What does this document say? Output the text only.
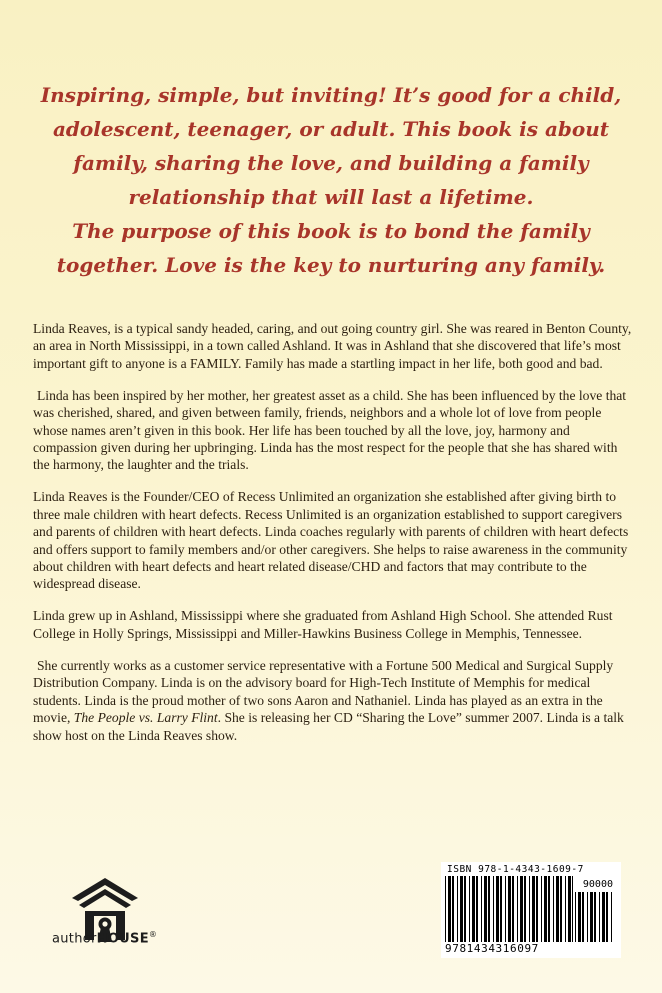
Inspiring, simple, but inviting! It’s good for a child, adolescent, teenager, or adult. This book is about family, sharing the love, and building a family relationship that will last a lifetime.

The purpose of this book is to bond the family together. Love is the key to nurturing any family.

Linda Reaves, is a typical sandy headed, caring, and out going country girl. She was reared in Benton County, an area in North Mississippi, in a town called Ashland. It was in Ashland that she discovered that life’s most important gift to anyone is a FAMILY. Family has made a startling impact in her life, both good and bad.

Linda has been inspired by her mother, her greatest asset as a child. She has been influenced by the love that was cherished, shared, and given between family, friends, neighbors and a whole lot of love from people whose names aren’t given in this book. Her life has been touched by all the love, joy, harmony and compassion given during her upbringing. Linda has the most respect for the people that she has shared with the harmony, the laughter and the trials.

Linda Reaves is the Founder/CEO of Recess Unlimited an organization she established after giving birth to three male children with heart defects. Recess Unlimited is an organization established to support caregivers and parents of children with heart defects. Linda coaches regularly with parents of children with heart defects and offers support to family members and/or other caregivers. She helps to raise awareness in the community about children with heart defects and heart related disease/CHD and factors that may contribute to the widespread disease.

Linda grew up in Ashland, Mississippi where she graduated from Ashland High School. She attended Rust College in Holly Springs, Mississippi and Miller-Hawkins Business College in Memphis, Tennessee.

She currently works as a customer service representative with a Fortune 500 Medical and Surgical Supply Distribution Company. Linda is on the advisory board for High-Tech Institute of Memphis for medical students. Linda is the proud mother of two sons Aaron and Nathaniel. Linda has played as an extra in the movie, The People vs. Larry Flint. She is releasing her CD “Sharing the Love” summer 2007. Linda is a talk show host on the Linda Reaves show.

authorHOUSE®
ISBN 978-1-4343-1609-7
90000
9781434316097
